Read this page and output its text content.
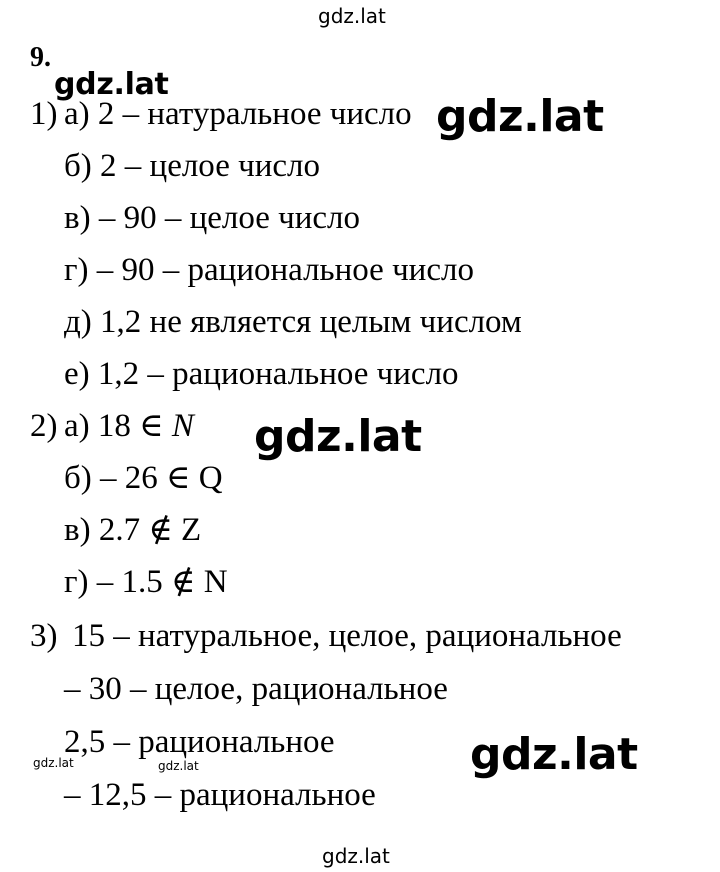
gdz.lat
gdz.lat
gdz.lat
gdz.lat
gdz.lat
gdz.lat	gdz.lat
gdz.lat
9.
1) а) 2 – натуральное число
б) 2 – целое число
в) – 90 – целое число
г) – 90 – рациональное число
д) 1,2 не является целым числом
е) 1,2 – рациональное число
2) а) 18 ∈ N
б) – 26 ∈ Q
в) 2.7 ∉ Z
г) – 1.5 ∉ N
3) 15 – натуральное, целое, рациональное
– 30 – целое, рациональное
2,5 – рациональное
– 12,5 – рациональное
